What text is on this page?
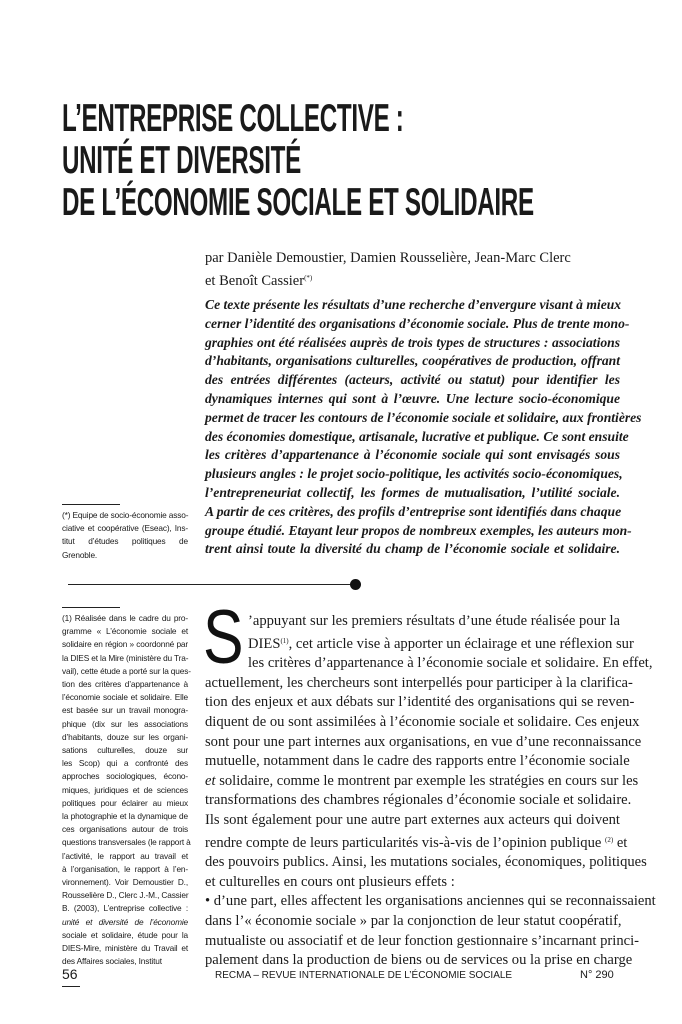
L’ENTREPRISE COLLECTIVE :
UNITÉ ET DIVERSITÉ
DE L’ÉCONOMIE SOCIALE ET SOLIDAIRE
par Danièle Demoustier, Damien Rousselière, Jean-Marc Clerc
et Benoît Cassier(*)
Ce texte présente les résultats d’une recherche d’envergure visant à mieux
cerner l’identité des organisations d’économie sociale. Plus de trente mono-
graphies ont été réalisées auprès de trois types de structures : associations
d’habitants, organisations culturelles, coopératives de production, offrant
des entrées différentes (acteurs, activité ou statut) pour identifier les
dynamiques internes qui sont à l’œuvre. Une lecture socio-économique
permet de tracer les contours de l’économie sociale et solidaire, aux frontières
des économies domestique, artisanale, lucrative et publique. Ce sont ensuite
les critères d’appartenance à l’économie sociale qui sont envisagés sous
plusieurs angles : le projet socio-politique, les activités socio-économiques,
l’entrepreneuriat collectif, les formes de mutualisation, l’utilité sociale.
A partir de ces critères, des profils d’entreprise sont identifiés dans chaque
groupe étudié. Etayant leur propos de nombreux exemples, les auteurs mon-
trent ainsi toute la diversité du champ de l’économie sociale et solidaire.
(*) Equipe de socio-économie asso-
ciative et coopérative (Eseac), Ins-
titut d’études politiques de
Grenoble.
(1) Réalisée dans le cadre du pro-
gramme « L’économie sociale et
solidaire en région » coordonné par
la DIES et la Mire (ministère du Tra-
vail), cette étude a porté sur la ques-
tion des critères d’appartenance à
l’économie sociale et solidaire. Elle
est basée sur un travail monogra-
phique (dix sur les associations
d’habitants, douze sur les organi-
sations culturelles, douze sur
les Scop) qui a confronté des
approches sociologiques, écono-
miques, juridiques et de sciences
politiques pour éclairer au mieux
la photographie et la dynamique de
ces organisations autour de trois
questions transversales (le rapport à
l’activité, le rapport au travail et
à l’organisation, le rapport à l’en-
vironnement). Voir Demoustier D.,
Rousselière D., Clerc J.-M., Cassier
B. (2003), L’entreprise collective :
unité et diversité de l’économie
sociale et solidaire, étude pour la
DIES-Mire, ministère du Travail et
des Affaires sociales, Institut
S ’appuyant sur les premiers résultats d’une étude réalisée pour la
DIES$^{(1)}$, cet article vise à apporter un éclairage et une réflexion sur
les critères d’appartenance à l’économie sociale et solidaire. En effet,
actuellement, les chercheurs sont interpellés pour participer à la clarifica-
tion des enjeux et aux débats sur l’identité des organisations qui se reven-
diquent de ou sont assimilées à l’économie sociale et solidaire. Ces enjeux
sont pour une part internes aux organisations, en vue d’une reconnaissance
mutuelle, notamment dans le cadre des rapports entre l’économie sociale
et solidaire, comme le montrent par exemple les stratégies en cours sur les
transformations des chambres régionales d’économie sociale et solidaire.
Ils sont également pour une autre part externes aux acteurs qui doivent
rendre compte de leurs particularités vis-à-vis de l’opinion publique $^{(2)}$ et
des pouvoirs publics. Ainsi, les mutations sociales, économiques, politiques
et culturelles en cours ont plusieurs effets :
• d’une part, elles affectent les organisations anciennes qui se reconnaissaient
dans l’« économie sociale » par la conjonction de leur statut coopératif,
mutualiste ou associatif et de leur fonction gestionnaire s’incarnant princi-
palement dans la production de biens ou de services ou la prise en charge
56	RECMA – REVUE INTERNATIONALE DE L’ÉCONOMIE SOCIALE	N° 290
